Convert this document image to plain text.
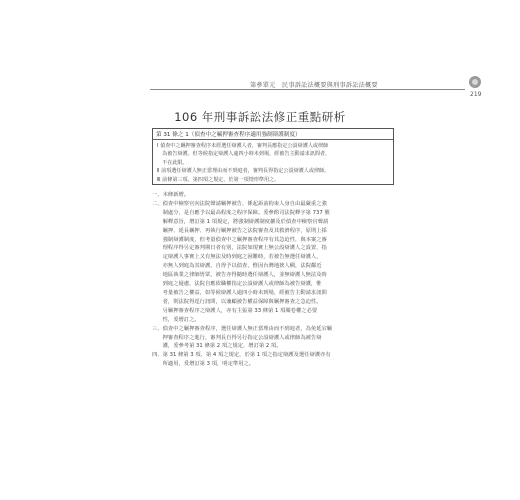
第參單元　民事訴訟法概要與刑事訴訟法概要
219
106 年刑事訴訟法修正重點研析
第 31 條之 1（偵查中之羈押審查程序適用強制辯護制度）
Ⅰ 偵查中之羈押審查程序未經選任辯護人者，審判長應指定公設辯護人或律師
　為被告辯護。但等候指定辯護人逾四小時未到場，經被告主動請求訊問者，
　不在此限。
Ⅱ 前項選任辯護人無正當理由而不到庭者，審判長得指定公設辯護人或律師。
Ⅲ 前條第三項、第四項之規定，於第一項情形準用之。
一、本條新增。
二、偵查中檢察官向法院聲請羈押被告，係起訴前拘束人身自由最嚴重之強
　　制處分，是自應予以最高程度之程序保障。爰參酌司法院釋字第 737 號
　　解釋意旨，增訂第 1 項規定，將強制辯護制度擴及於偵查中檢察官聲請
　　羈押、延長羈押、再執行羈押被告之法院審查及其救濟程序，原則上採
　　強制辯護制度，但考量偵查中之羈押審查程序有其急迫性，與本案之審
　　理程序得另定審判期日者有別，法院如現實上無公設辯護人之設置，指
　　定辯護人事實上又有無法及時到庭之困難時，若被告無選任辯護人，
　　亦無人到庭為其辯護，自得予以偵查，惟因台灣地狹人稠，法院鄰近
　　地區執業之律師皆眾，被告亦得隨時選任辯護人，並無辯護人無法及時
　　到庭之疑慮，法院自應依職權指定公設辯護人或律師為被告辯護，惟
　　考量被告之權益，如等候辯護人逾四小時未到場，經被告主動請求訊問
　　者，則法院得逕行訊問，以兼顧被告權益保障與羈押審查之急迫性。
　　另羈押審查程序之辯護人，亦有主張第 33 條第 1 項閱卷權之必要
　　性，爰增訂之。
三、偵查中之羈押審查程序，選任辯護人無正當理由而不到庭者，為免延宕羈
　　押審查程序之進行，審判長自得另行指定公設辯護人或律師為被告辯
　　護，爰參考第 31 條第 2 項之規定，增訂第 2 項。
四、第 31 條第 3 項、第 4 項之規定，於第 1 項之指定辯護及選任辯護亦有
　　所適用，爰增訂第 3 項，明定準用之。
